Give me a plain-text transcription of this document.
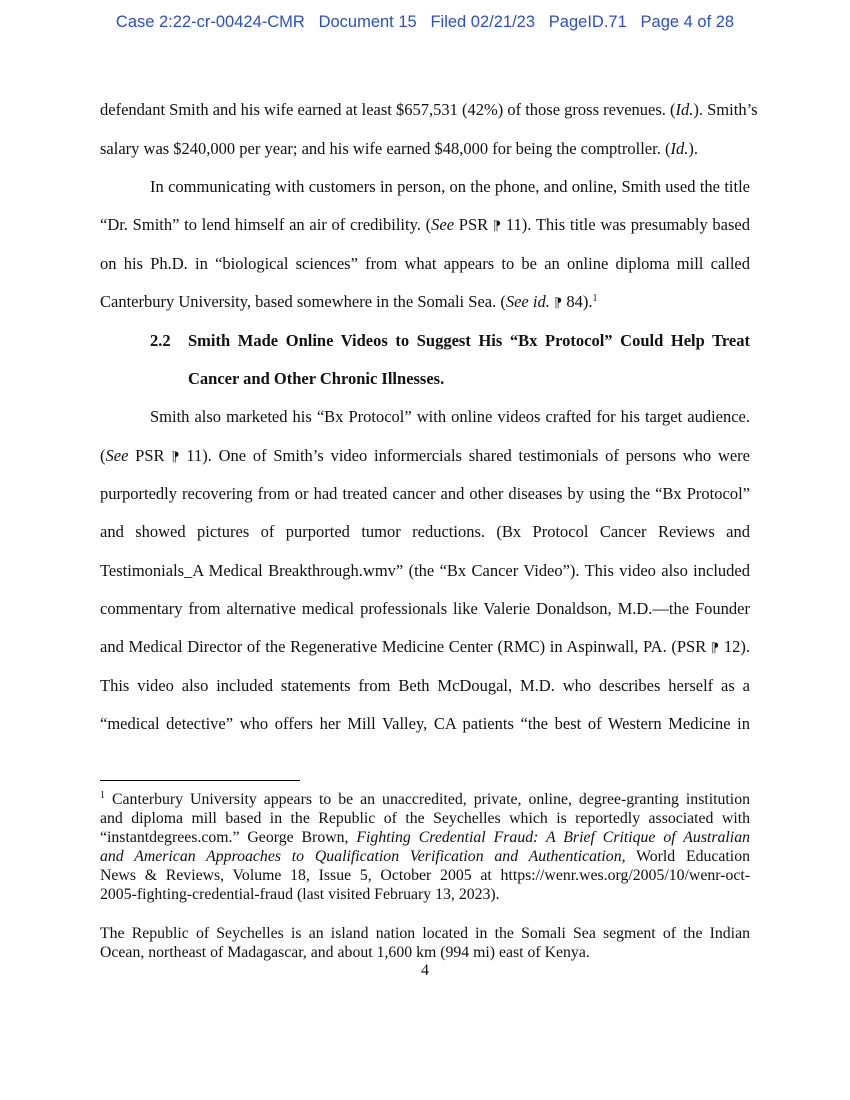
Case 2:22-cr-00424-CMR   Document 15   Filed 02/21/23   PageID.71   Page 4 of 28
defendant Smith and his wife earned at least $657,531 (42%) of those gross revenues. (Id.). Smith’s
salary was $240,000 per year; and his wife earned $48,000 for being the comptroller. (Id.).
In communicating with customers in person, on the phone, and online, Smith used the title
“Dr. Smith” to lend himself an air of credibility. (See PSR ⁋ 11). This title was presumably based
on his Ph.D. in “biological sciences” from what appears to be an online diploma mill called
Canterbury University, based somewhere in the Somali Sea. (See id. ⁋ 84).$^1$
2.2 Smith Made Online Videos to Suggest His “Bx Protocol” Could Help Treat
Cancer and Other Chronic Illnesses.
Smith also marketed his “Bx Protocol” with online videos crafted for his target audience.
(See PSR ⁋ 11). One of Smith’s video informercials shared testimonials of persons who were
purportedly recovering from or had treated cancer and other diseases by using the “Bx Protocol”
and showed pictures of purported tumor reductions. (Bx Protocol Cancer Reviews and
Testimonials_A Medical Breakthrough.wmv” (the “Bx Cancer Video”). This video also included
commentary from alternative medical professionals like Valerie Donaldson, M.D.—the Founder
and Medical Director of the Regenerative Medicine Center (RMC) in Aspinwall, PA. (PSR ⁋ 12).
This video also included statements from Beth McDougal, M.D. who describes herself as a
“medical detective” who offers her Mill Valley, CA patients “the best of Western Medicine in
$^1$ Canterbury University appears to be an unaccredited, private, online, degree-granting institution
and diploma mill based in the Republic of the Seychelles which is reportedly associated with
“instantdegrees.com.” George Brown, Fighting Credential Fraud: A Brief Critique of Australian
and American Approaches to Qualification Verification and Authentication, World Education
News & Reviews, Volume 18, Issue 5, October 2005 at https://wenr.wes.org/2005/10/wenr-oct-
2005-fighting-credential-fraud (last visited February 13, 2023).
The Republic of Seychelles is an island nation located in the Somali Sea segment of the Indian
Ocean, northeast of Madagascar, and about 1,600 km (994 mi) east of Kenya.
4
